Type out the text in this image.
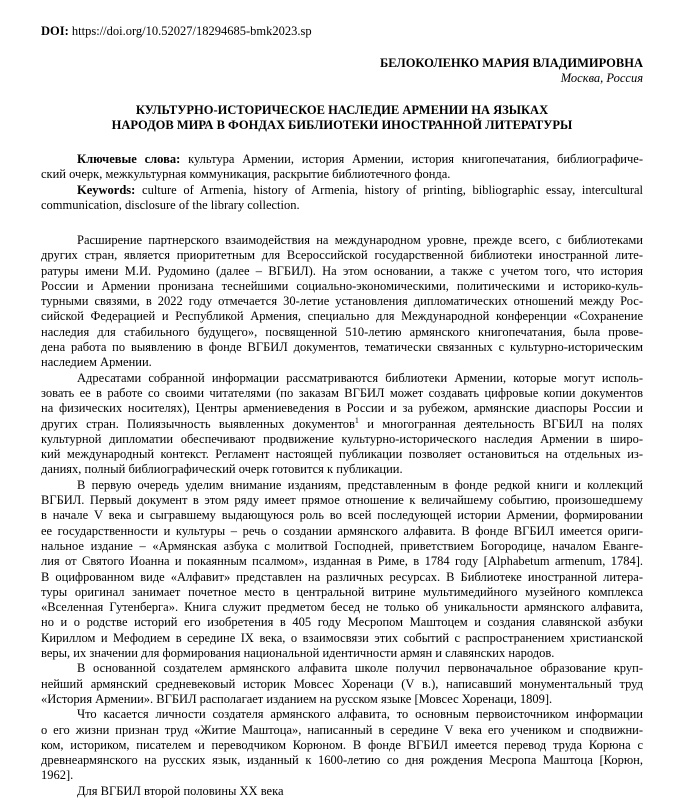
DOI: https://doi.org/10.52027/18294685-bmk2023.sp
БЕЛОКОЛЕНКО МАРИЯ ВЛАДИМИРОВНА
Москва, Россия
КУЛЬТУРНО-ИСТОРИЧЕСКОЕ НАСЛЕДИЕ АРМЕНИИ НА ЯЗЫКАХ
НАРОДОВ МИРА В ФОНДАХ БИБЛИОТЕКИ ИНОСТРАННОЙ ЛИТЕРАТУРЫ
Ключевые слова: культура Армении, история Армении, история книгопечатания, библиографиче-
ский очерк, межкультурная коммуникация, раскрытие библиотечного фонда.
Keywords: culture of Armenia, history of Armenia, history of printing, bibliographic essay, intercultural
communication, disclosure of the library collection.
Расширение партнерского взаимодействия на международном уровне, прежде всего, с библиотеками
других стран, является приоритетным для Всероссийской государственной библиотеки иностранной лите-
ратуры имени М.И. Рудомино (далее – ВГБИЛ). На этом основании, а также с учетом того, что история
России и Армении пронизана теснейшими социально-экономическими, политическими и историко-куль-
турными связями, в 2022 году отмечается 30-летие установления дипломатических отношений между Рос-
сийской Федерацией и Республикой Армения, специально для Международной конференции «Сохранение
наследия для стабильного будущего», посвященной 510-летию армянского книгопечатания, была прове-
дена работа по выявлению в фонде ВГБИЛ документов, тематически связанных с культурно-историческим
наследием Армении.
Адресатами собранной информации рассматриваются библиотеки Армении, которые могут исполь-
зовать ее в работе со своими читателями (по заказам ВГБИЛ может создавать цифровые копии документов
на физических носителях), Центры армениеведения в России и за рубежом, армянские диаспоры России и
других стран. Полиязычность выявленных документов$^1$ и многогранная деятельность ВГБИЛ на полях
культурной дипломатии обеспечивают продвижение культурно-исторического наследия Армении в широ-
кий международный контекст. Регламент настоящей публикации позволяет остановиться на отдельных из-
даниях, полный библиографический очерк готовится к публикации.
В первую очередь уделим внимание изданиям, представленным в фонде редкой книги и коллекций
ВГБИЛ. Первый документ в этом ряду имеет прямое отношение к величайшему событию, произошедшему
в начале V века и сыгравшему выдающуюся роль во всей последующей истории Армении, формировании
ее государственности и культуры – речь о создании армянского алфавита. В фонде ВГБИЛ имеется ориги-
нальное издание – «Армянская азбука с молитвой Господней, приветствием Богородице, началом Еванге-
лия от Святого Иоанна и покаянным псалмом», изданная в Риме, в 1784 году [Alphabetum armenum, 1784].
В оцифрованном виде «Алфавит» представлен на различных ресурсах. В Библиотеке иностранной литера-
туры оригинал занимает почетное место в центральной витрине мультимедийного музейного комплекса
«Вселенная Гутенберга». Книга служит предметом бесед не только об уникальности армянского алфавита,
но и о родстве историй его изобретения в 405 году Месропом Маштоцем и создания славянской азбуки
Кириллом и Мефодием в середине IX века, о взаимосвязи этих событий с распространением христианской
веры, их значении для формирования национальной идентичности армян и славянских народов.
В основанной создателем армянского алфавита школе получил первоначальное образование круп-
нейший армянский средневековый историк Мовсес Хоренаци (V в.), написавший монументальный труд
«История Армении». ВГБИЛ располагает изданием на русском языке [Мовсес Хоренаци, 1809].
Что касается личности создателя армянского алфавита, то основным первоисточником информации
о его жизни признан труд «Житие Маштоца», написанный в середине V века его учеником и сподвижни-
ком, историком, писателем и переводчиком Корюном. В фонде ВГБИЛ имеется перевод труда Корюна с
древнеармянского на русских язык, изданный к 1600-летию со дня рождения Месропа Маштоца [Корюн,
1962].
Для ВГБИЛ второй половины XX века
